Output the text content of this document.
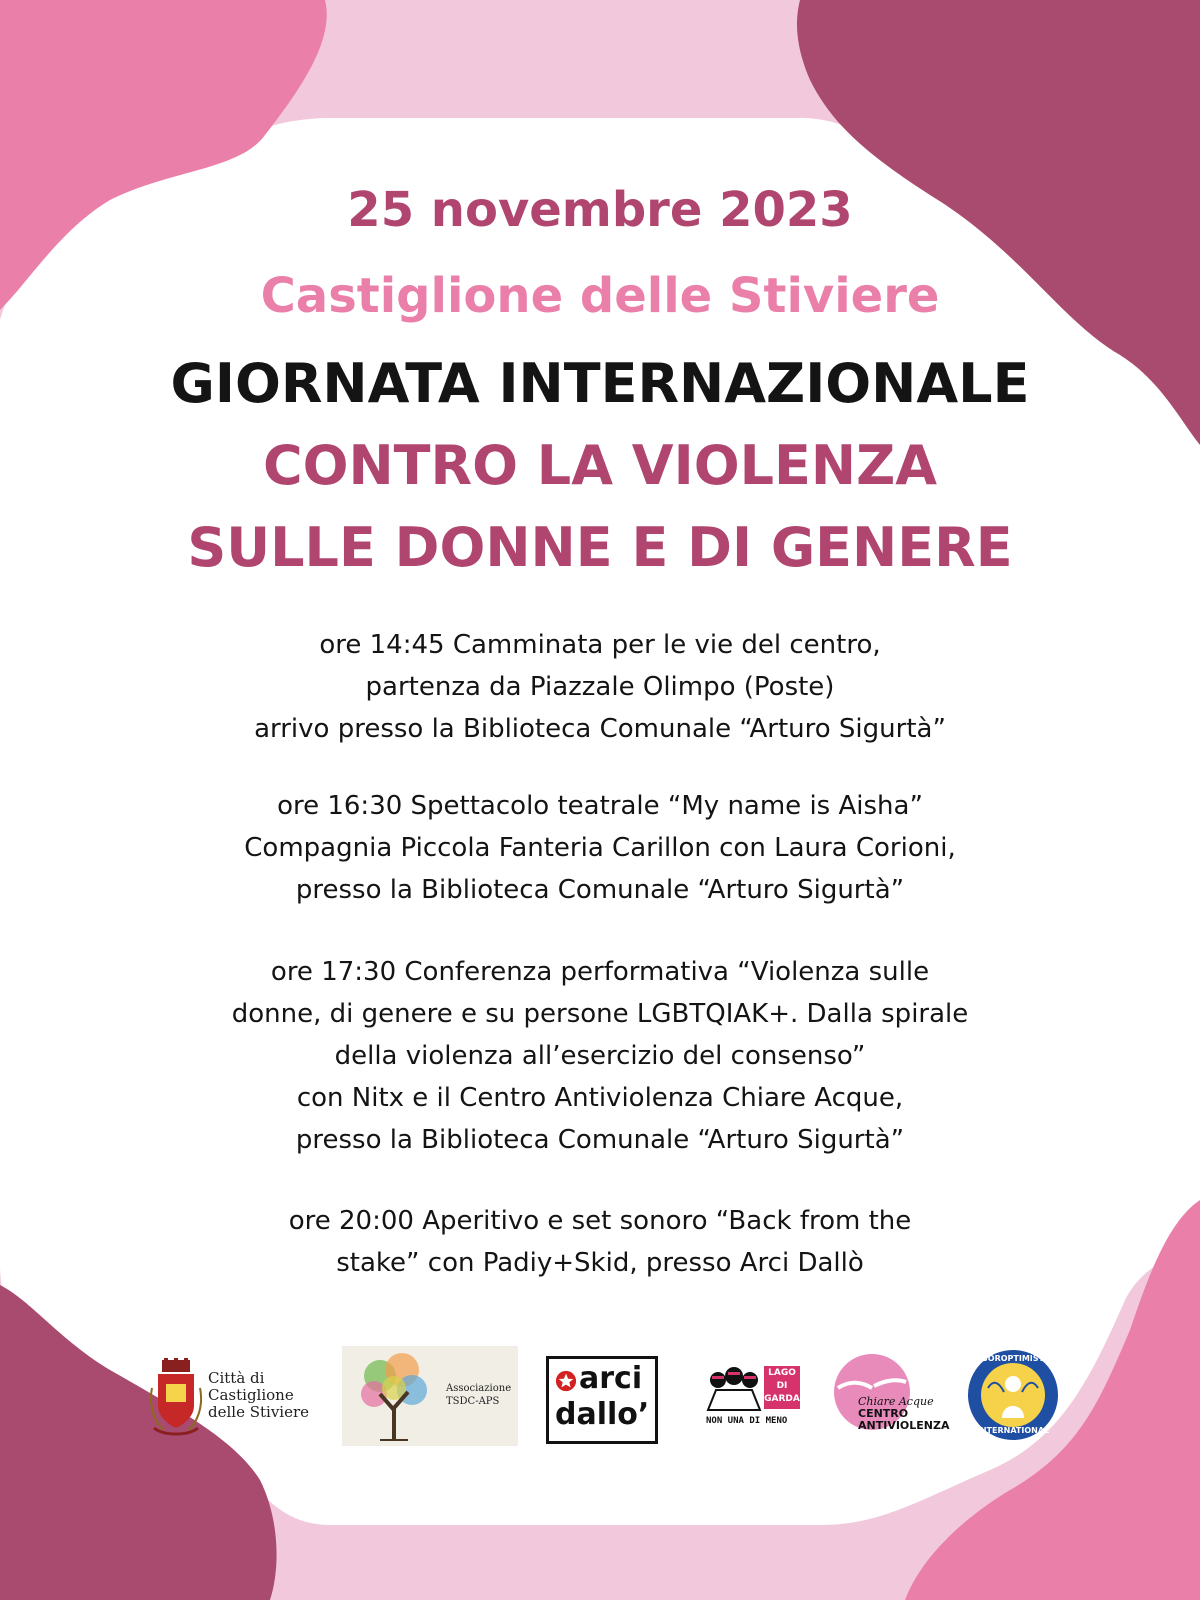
25 novembre 2023
Castiglione delle Stiviere
GIORNATA INTERNAZIONALE
CONTRO LA VIOLENZA
SULLE DONNE E DI GENERE
ore 14:45 Camminata per le vie del centro,
partenza da Piazzale Olimpo (Poste)
arrivo presso la Biblioteca Comunale “Arturo Sigurtà”
ore 16:30 Spettacolo teatrale “My name is Aisha”
Compagnia Piccola Fanteria Carillon con Laura Corioni,
presso la Biblioteca Comunale “Arturo Sigurtà”
ore 17:30 Conferenza performativa “Violenza sulle
donne, di genere e su persone LGBTQIAK+. Dalla spirale
della violenza all’esercizio del consenso”
con Nitx e il Centro Antiviolenza Chiare Acque,
presso la Biblioteca Comunale “Arturo Sigurtà”
ore 20:00 Aperitivo e set sonoro “Back from the
stake” con Padiy+Skid, presso Arci Dallò
Città di
Castiglione
delle Stiviere
Associazione
TSDC-APS
arci
dallo’
LAGO
DI
GARDA
NON UNA DI MENO
Chiare Acque
CENTRO
ANTIVIOLENZA
SOROPTIMIST
INTERNATIONAL
